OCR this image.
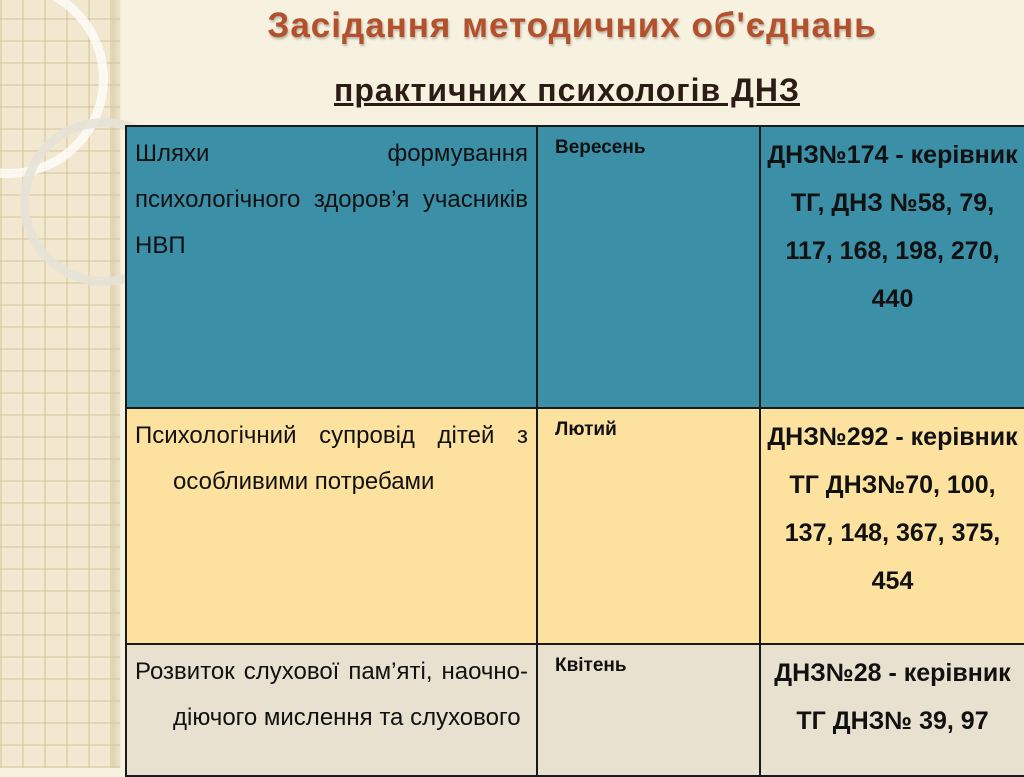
Засідання методичних об'єднань
практичних психологів ДНЗ
Шляхи формування психологічного здоров’я учасників НВП	Вересень	ДНЗ№174 - керівник ТГ, ДНЗ №58, 79, 117, 168, 198, 270, 440

Психологічний супровід дітей з особливими потребами	Лютий	ДНЗ№292 - керівник ТГ ДНЗ№70, 100, 137, 148, 367, 375, 454

Розвиток слухової пам’яті, наочно-діючого мислення та слухового	Квітень	ДНЗ№28 - керівник ТГ ДНЗ№ 39, 97
